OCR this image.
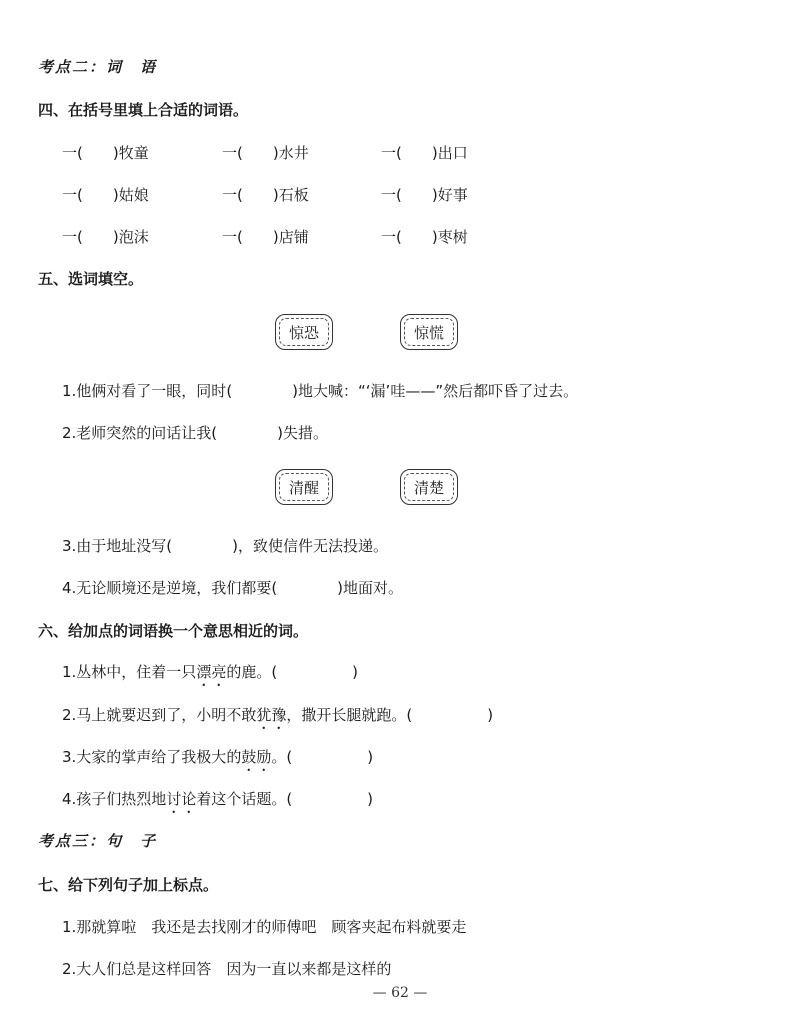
考点二：词　语
四、在括号里填上合适的词语。
一(　　)牧童	一(　　)水井	一(　　)出口
一(　　)姑娘	一(　　)石板	一(　　)好事
一(　　)泡沫	一(　　)店铺	一(　　)枣树
五、选词填空。
惊恐	惊慌
1.他俩对看了一眼，同时(　　　　)地大喊：“‘漏’哇——”然后都吓昏了过去。
2.老师突然的问话让我(　　　　)失措。
清醒	清楚
3.由于地址没写(　　　　)，致使信件无法投递。
4.无论顺境还是逆境，我们都要(　　　　)地面对。
六、给加点的词语换一个意思相近的词。
1.丛林中，住着一只漂亮的鹿。(　　　　　)
2.马上就要迟到了，小明不敢犹豫，撒开长腿就跑。(　　　　　)
3.大家的掌声给了我极大的鼓励。(　　　　　)
4.孩子们热烈地讨论着这个话题。(　　　　　)
考点三：句　子
七、给下列句子加上标点。
1.那就算啦　我还是去找刚才的师傅吧　顾客夹起布料就要走
2.大人们总是这样回答　因为一直以来都是这样的
— 62 —
